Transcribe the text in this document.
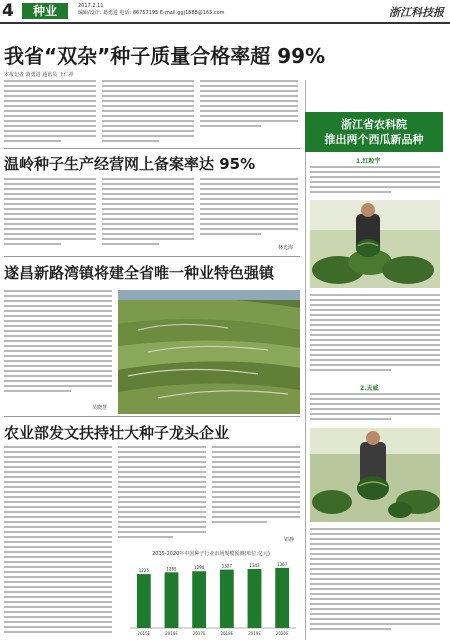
4	种业	2017.2.11
编辑/设计: 葛勇进 电话: 86757195 E-mail:ggj1888@163.com	浙江科技报
我省“双杂”种子质量合格率超 99%
本报记者 葛勇进 通讯员 王仁祥
温岭种子生产经营网上备案率达 95%
林光海
遂昌新路湾镇将建全省唯一种业特色强镇
吴晓慧
农业部发文扶持壮大种子龙头企业
钮静
2015-2020年中国种子行业市场规模预测(单位:亿元)
1225
2015E
1265
2016E
1290
2017E
1327
2018E
1343
2019E
1367
2020E
浙江省农科院
推出两个西瓜新品种
1.红粒宇
2.天威
